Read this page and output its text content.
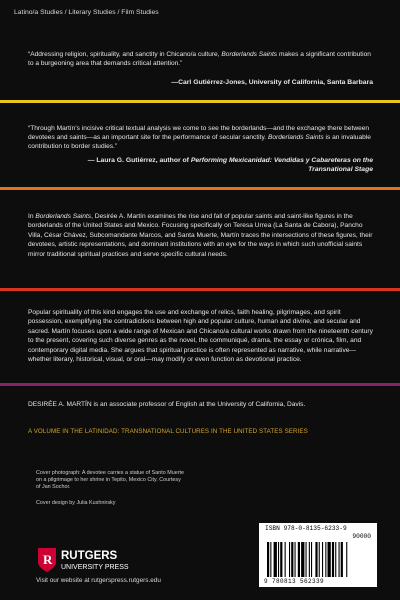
Latino/a Studies / Literary Studies / Film Studies
“Addressing religion, spirituality, and sanctity in Chicano/a culture, Borderlands Saints makes a significant contribution to a burgeoning area that demands critical attention.”
—Carl Gutiérrez-Jones, University of California, Santa Barbara
“Through Martín’s incisive critical textual analysis we come to see the borderlands—and the exchange there between devotees and saints—as an important site for the performance of secular sanctity. Borderlands Saints is an invaluable contribution to border studies.”
— Laura G. Gutiérrez, author of Performing Mexicanidad: Vendidas y Cabareteras on the Transnational Stage
In Borderlands Saints, Desirée A. Martín examines the rise and fall of popular saints and saint-like figures in the borderlands of the United States and Mexico. Focusing specifically on Teresa Urrea (La Santa de Cabora), Pancho Villa, César Chávez, Subcomandante Marcos, and Santa Muerte, Martín traces the intersections of these figures, their devotees, artistic representations, and dominant institutions with an eye for the ways in which such unofficial saints mirror traditional spiritual practices and serve specific cultural needs.
Popular spirituality of this kind engages the use and exchange of relics, faith healing, pilgrimages, and spirit possession, exemplifying the contradictions between high and popular culture, human and divine, and secular and sacred. Martín focuses upon a wide range of Mexican and Chicano/a cultural works drawn from the nineteenth century to the present, covering such diverse genres as the novel, the communiqué, drama, the essay or crónica, film, and contemporary digital media. She argues that spiritual practice is often represented as narrative, while narrative—whether literary, historical, visual, or oral—may modify or even function as devotional practice.
DESIRÉE A. MARTÍN is an associate professor of English at the University of California, Davis.
A VOLUME IN THE LATINIDAD: TRANSNATIONAL CULTURES IN THE UNITED STATES SERIES
Cover photograph: A devotee carries a statue of Santo Muerte on a pilgrimage to her shrine in Tepito, Mexico City. Courtesy of Jan Sochor.
Cover design by Julia Kushnirsky
ISBN 978-0-8135-6233-9
90000
9 780813 562339
R RUTGERS
UNIVERSITY PRESS
Visit our website at rutgerspress.rutgers.edu
